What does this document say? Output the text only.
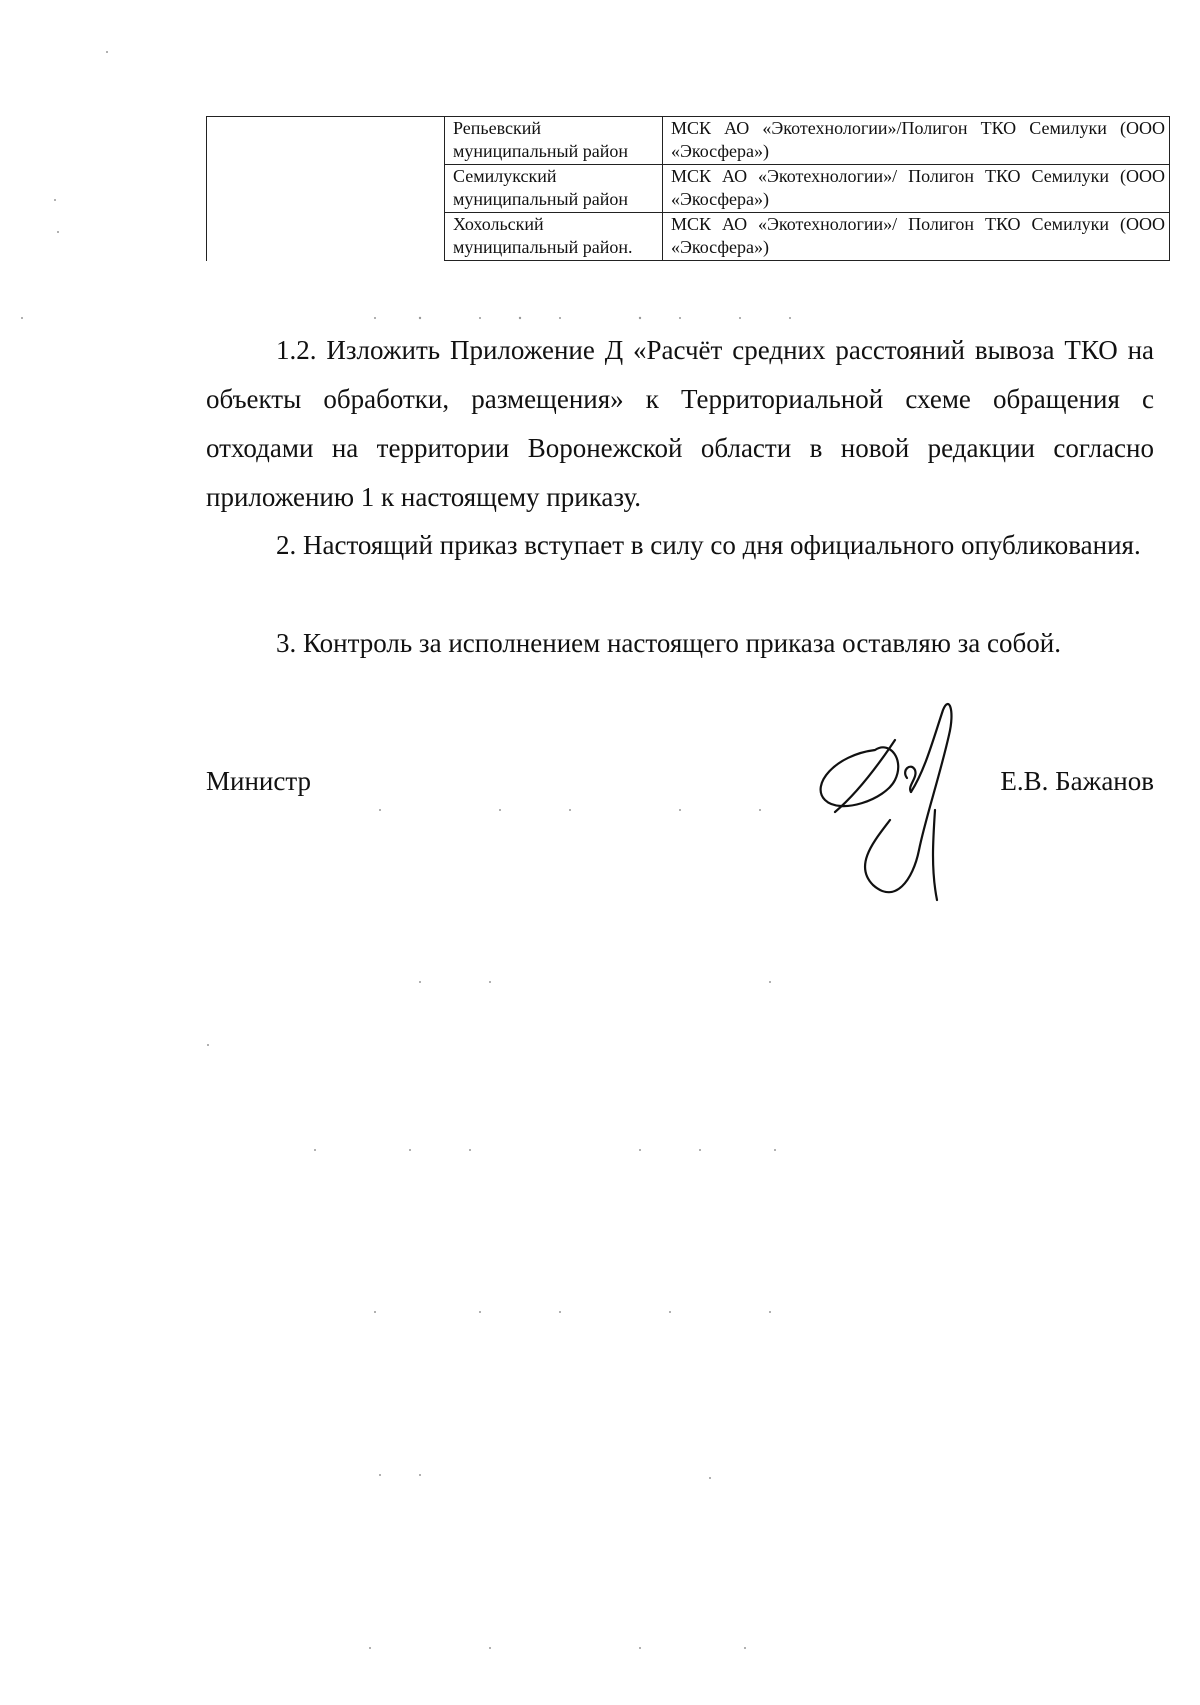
	Репьевский муниципальный район	МСК АО «Экотехнологии»/Полигон ТКО Семилуки (ООО «Экосфера»)
	Семилукский муниципальный район	МСК АО «Экотехнологии»/ Полигон ТКО Семилуки (ООО «Экосфера»)
	Хохольский муниципальный район.	МСК АО «Экотехнологии»/ Полигон ТКО Семилуки (ООО «Экосфера»)

1.2. Изложить Приложение Д «Расчёт средних расстояний вывоза ТКО на объекты обработки, размещения» к Территориальной схеме обращения с отходами на территории Воронежской области в новой редакции согласно приложению 1 к настоящему приказу.

2. Настоящий приказ вступает в силу со дня официального опубликования.

3. Контроль за исполнением настоящего приказа оставляю за собой.

Министр	Е.В. Бажанов
